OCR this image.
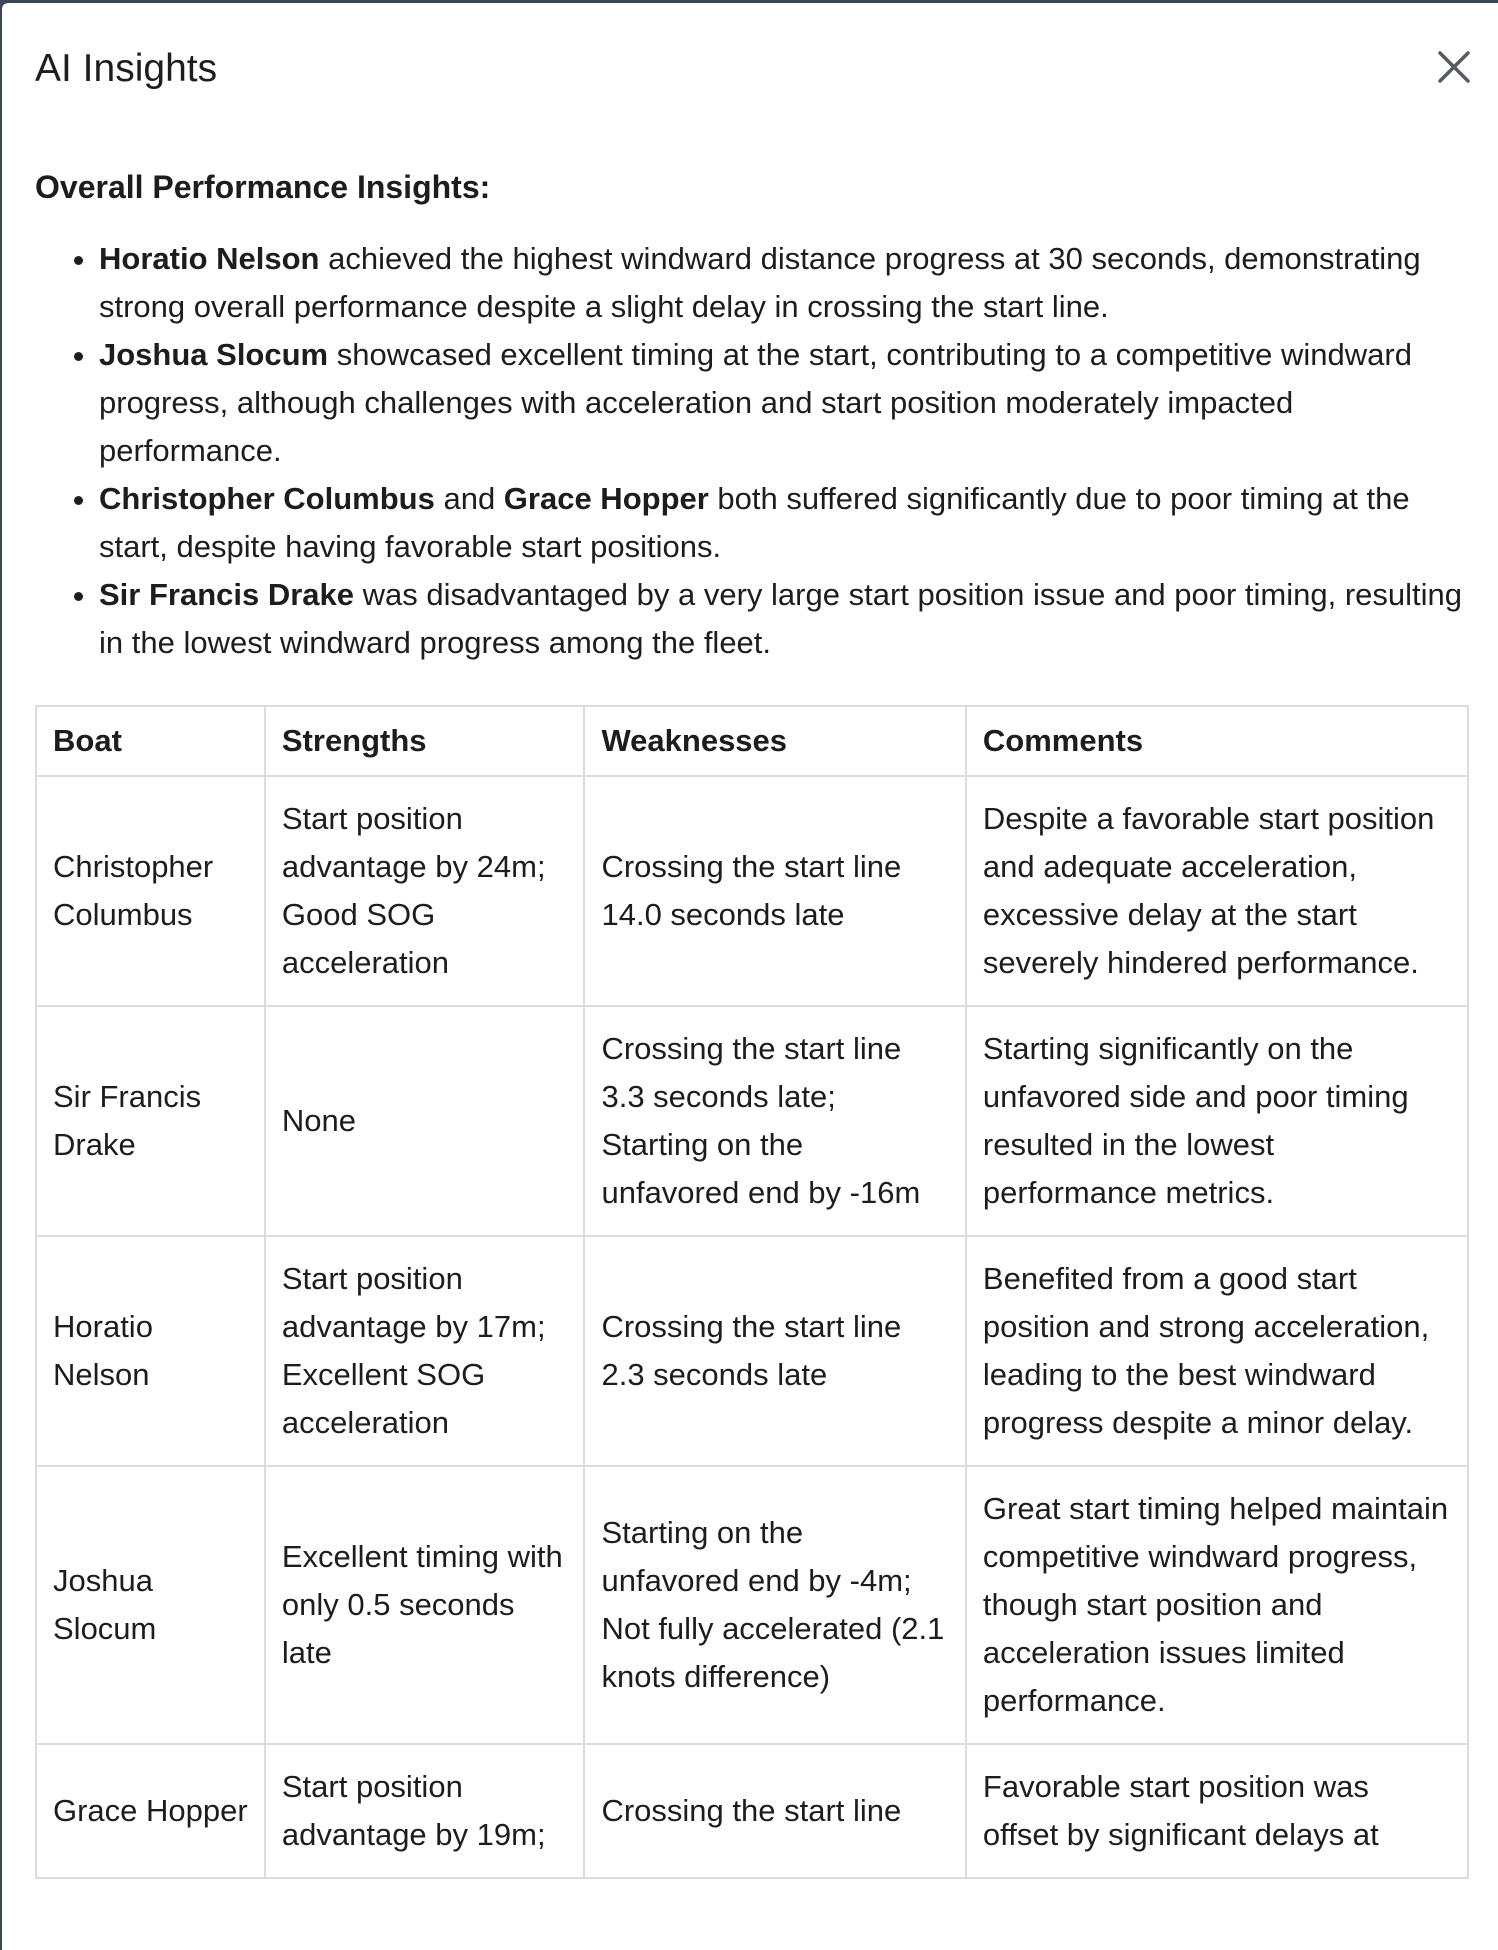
AI Insights
Overall Performance Insights:
• Horatio Nelson achieved the highest windward distance progress at 30 seconds, demonstrating strong overall performance despite a slight delay in crossing the start line.
• Joshua Slocum showcased excellent timing at the start, contributing to a competitive windward progress, although challenges with acceleration and start position moderately impacted performance.
• Christopher Columbus and Grace Hopper both suffered significantly due to poor timing at the start, despite having favorable start positions.
• Sir Francis Drake was disadvantaged by a very large start position issue and poor timing, resulting in the lowest windward progress among the fleet.
Boat	Strengths	Weaknesses	Comments
Christopher Columbus	Start position advantage by 24m; Good SOG acceleration	Crossing the start line 14.0 seconds late	Despite a favorable start position and adequate acceleration, excessive delay at the start severely hindered performance.
Sir Francis Drake	None	Crossing the start line 3.3 seconds late; Starting on the unfavored end by -16m	Starting significantly on the unfavored side and poor timing resulted in the lowest performance metrics.
Horatio Nelson	Start position advantage by 17m; Excellent SOG acceleration	Crossing the start line 2.3 seconds late	Benefited from a good start position and strong acceleration, leading to the best windward progress despite a minor delay.
Joshua Slocum	Excellent timing with only 0.5 seconds late	Starting on the unfavored end by -4m; Not fully accelerated (2.1 knots difference)	Great start timing helped maintain competitive windward progress, though start position and acceleration issues limited performance.
Grace Hopper	Start position advantage by 19m;	Crossing the start line	Favorable start position was offset by significant delays at
